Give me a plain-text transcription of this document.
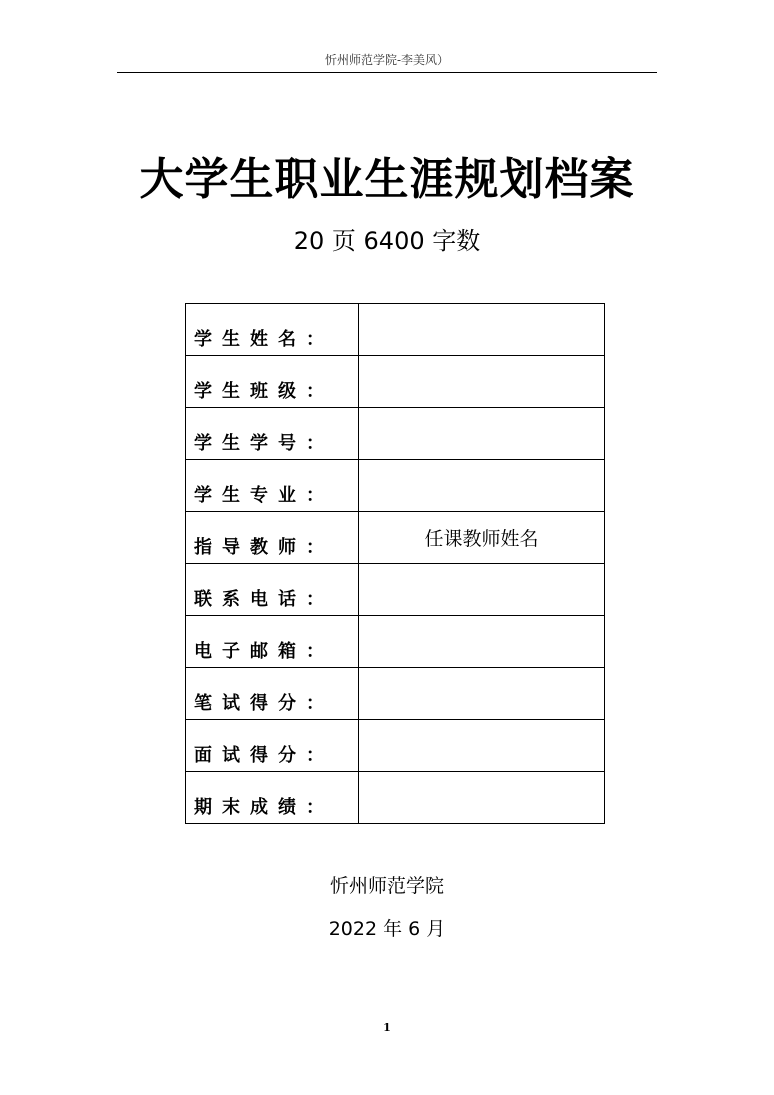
忻州师范学院-李美风）
大学生职业生涯规划档案
20 页 6400 字数
学生姓名：	
学生班级：	
学生学号：	
学生专业：	
指导教师：	任课教师姓名
联系电话：	
电子邮箱：	
笔试得分：	
面试得分：	
期末成绩：	
忻州师范学院
2022 年 6 月
1
